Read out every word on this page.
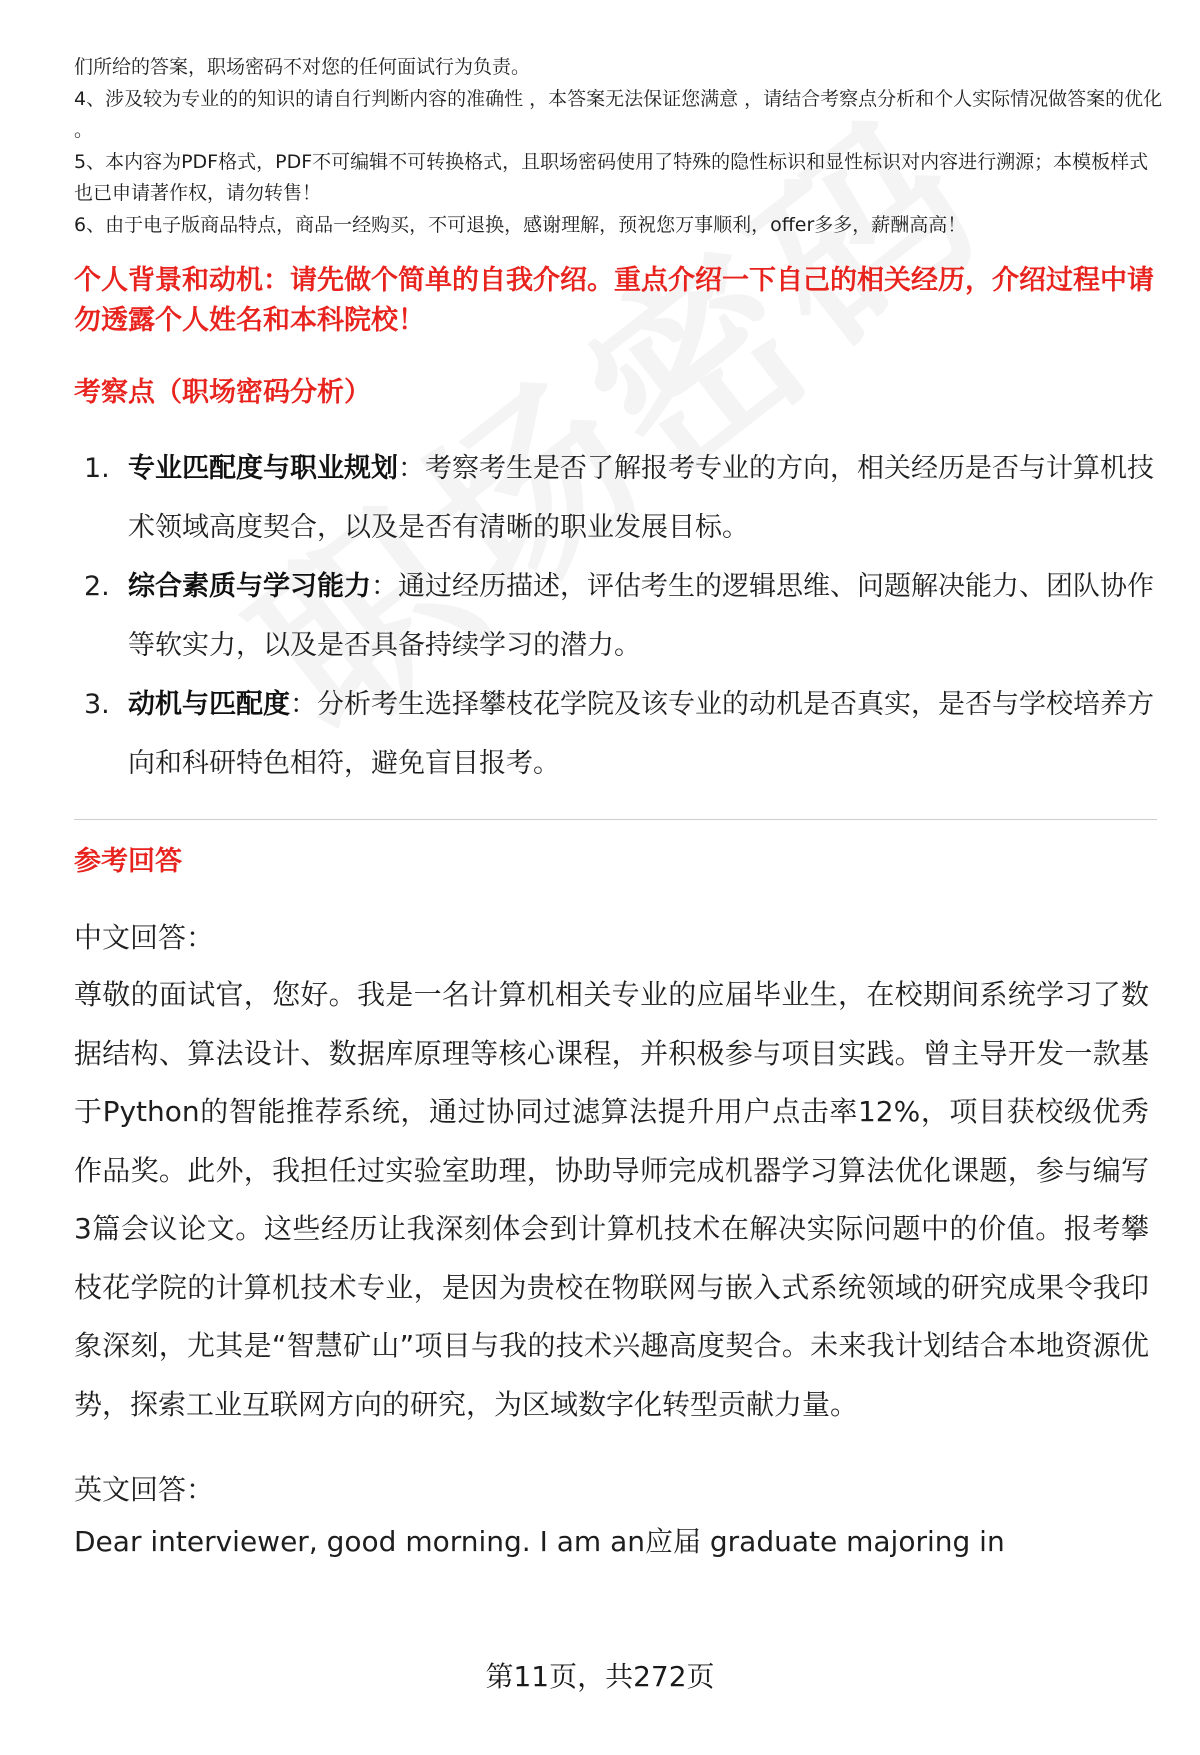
们所给的答案，职场密码不对您的任何面试行为负责。

4、涉及较为专业的的知识的请自行判断内容的准确性 ，本答案无法保证您满意 ，请结合考察点分析和个人实际情况做答案的优化 。

5、本内容为PDF格式，PDF不可编辑不可转换格式，且职场密码使用了特殊的隐性标识和显性标识对内容进行溯源；本模板样式也已申请著作权，请勿转售！

6、由于电子版商品特点，商品一经购买，不可退换，感谢理解，预祝您万事顺利，offer多多，薪酬高高！

个人背景和动机：请先做个简单的自我介绍。重点介绍一下自己的相关经历，介绍过程中请勿透露个人姓名和本科院校！
考察点（职场密码分析）
1. 专业匹配度与职业规划：考察考生是否了解报考专业的方向，相关经历是否与计算机技术领域高度契合，以及是否有清晰的职业发展目标。
2. 综合素质与学习能力：通过经历描述，评估考生的逻辑思维、问题解决能力、团队协作等软实力，以及是否具备持续学习的潜力。
3. 动机与匹配度：分析考生选择攀枝花学院及该专业的动机是否真实，是否与学校培养方向和科研特色相符，避免盲目报考。
参考回答
中文回答：
尊敬的面试官，您好。我是一名计算机相关专业的应届毕业生，在校期间系统学习了数据结构、算法设计、数据库原理等核心课程，并积极参与项目实践。曾主导开发一款基于Python的智能推荐系统，通过协同过滤算法提升用户点击率12%，项目获校级优秀作品奖。此外，我担任过实验室助理，协助导师完成机器学习算法优化课题，参与编写3篇会议论文。这些经历让我深刻体会到计算机技术在解决实际问题中的价值。报考攀枝花学院的计算机技术专业，是因为贵校在物联网与嵌入式系统领域的研究成果令我印象深刻，尤其是“智慧矿山”项目与我的技术兴趣高度契合。未来我计划结合本地资源优势，探索工业互联网方向的研究，为区域数字化转型贡献力量。
英文回答：
Dear interviewer, good morning. I am an应届 graduate majoring in
第11页，共272页
